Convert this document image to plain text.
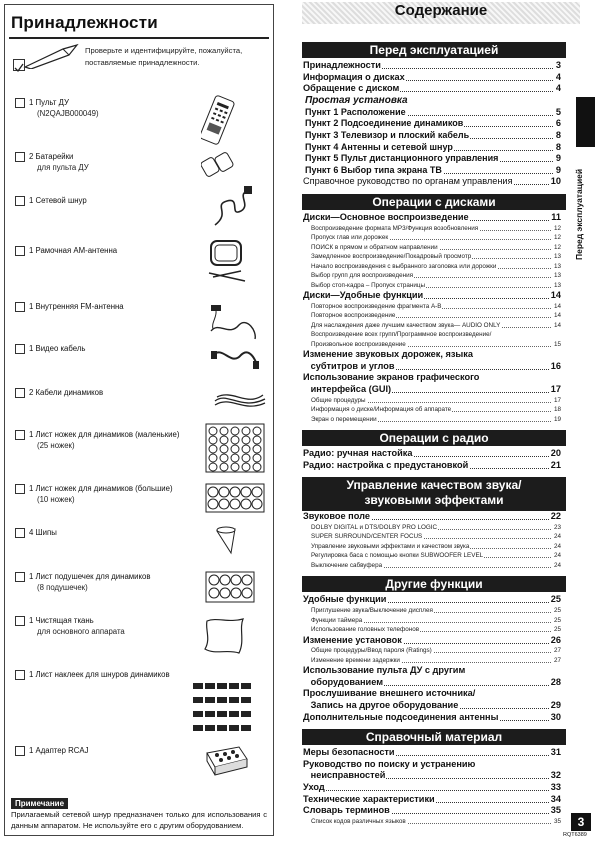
Принадлежности
Проверьте и идентифицируйте, пожалуйста, поставляемые принадлежности.
Примечание
Прилагаемый сетевой шнур предназначен только для использования с данным аппаратом. Не используйте его с другим оборудованием.
1 Пульт ДУ
(N2QAJB000049)
2 Батарейки
для пульта ДУ
1 Сетевой шнур
1 Рамочная АМ-антенна
1 Внутренняя FM-антенна
1 Видео кабель
2 Кабели динамиков
1 Лист ножек для динамиков (маленькие)
(25 ножек)
1 Лист ножек для динамиков (большие)
(10 ножек)
4 Шипы
1 Лист подушечек для динамиков
(8 подушечек)
1 Чистящая ткань
для основного аппарата
1 Лист наклеек для шнуров динамиков
1 Адаптер RCAJ
Содержание
Перед эксплуатацией
Принадлежности	3
Информация о дисках	4
Обращение с диском	4
Простая установка
Пункт 1 Расположение	5
Пункт 2 Подсоединение динамиков	6
Пункт 3 Телевизор и плоский кабель	8
Пункт 4 Антенны и сетевой шнур	8
Пункт 5 Пульт дистанционного управления	9
Пункт 6 Выбор типа экрана ТВ	9
Справочное руководство по органам управления	10
Операции с дисками
Диски—Основное воспроизведение	11
Воспроизведение формата MP3/Функция возобновления	12
Пропуск глав или дорожек	12
ПОИСК в прямом и обратном направлении	12
Замедленное воспроизведение/Покадровый просмотр	13
Начало воспроизведения с выбранного заголовка или дорожки	13
Выбор групп для воспроизведения	13
Выбор стоп-кадра – Пропуск страницы	13
Диски—Удобные функции	14
Повторное воспроизведение фрагмента A-B	14
Повторное воспроизведение	14
Для наслаждения даже лучшим качеством звука— AUDIO ONLY	14
Воспроизведение всех групп/Программное воспроизведение/
Произвольное воспроизведение	15
Изменение звуковых дорожек, языка
субтитров и углов	16
Использование экранов графического
интерфейса (GUI)	17
Общие процедуры	17
Информация о диске/Информация об аппарате	18
Экран о перемещении	19
Операции с радио
Радио: ручная настойка	20
Радио: настройка с предустановкой	21
Управление качеством звука/ звуковыми эффектами
Звуковое поле	22
DOLBY DIGITAL и DTS/DOLBY PRO LOGIC	23
SUPER SURROUND/CENTER FOCUS	24
Управление звуковыми эффектами и качеством звука	24
Регулировка баса с помощью кнопки SUBWOOFER LEVEL	24
Выключение сабвуфера	24
Другие функции
Удобные функции	25
Приглушение звука/Выключение дисплея	25
Функции таймера	25
Использование головных телефонов	25
Изменение установок	26
Общие процедуры/Ввод пароля (Ratings)	27
Изменение времени задержки	27
Использование пульта ДУ с другим
оборудованием	28
Прослушивание внешнего источника/
Запись на другое оборудование	29
Дополнительные подсоединения антенны	30
Справочный материал
Меры безопасности	31
Руководство по поиску и устранению
неисправностей	32
Уход	33
Технические характеристики	34
Словарь терминов	35
Список кодов различных языков	35
Перед эксплуатацией
3
RQT6389
